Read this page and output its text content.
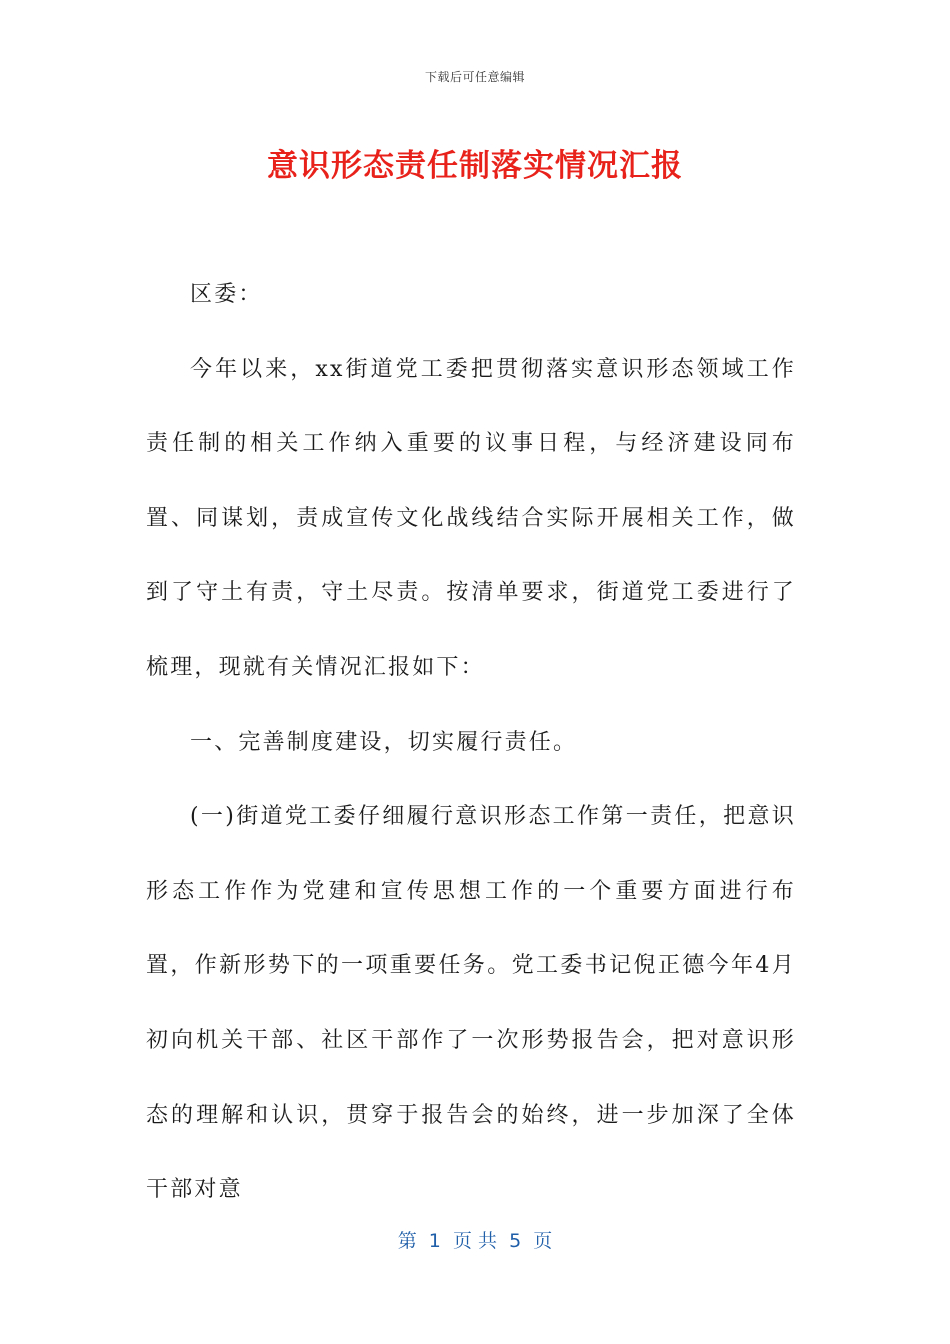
下载后可任意编辑
意识形态责任制落实情况汇报

区委：

今年以来，xx街道党工委把贯彻落实意识形态领域工作责任制的相关工作纳入重要的议事日程，与经济建设同布置、同谋划，责成宣传文化战线结合实际开展相关工作，做到了守土有责，守土尽责。按清单要求，街道党工委进行了梳理，现就有关情况汇报如下：

一、完善制度建设，切实履行责任。

(一)街道党工委仔细履行意识形态工作第一责任，把意识形态工作作为党建和宣传思想工作的一个重要方面进行布置，作新形势下的一项重要任务。党工委书记倪正德今年4月初向机关干部、社区干部作了一次形势报告会，把对意识形态的理解和认识，贯穿于报告会的始终，进一步加深了全体干部对意

第  1  页 共  5  页
